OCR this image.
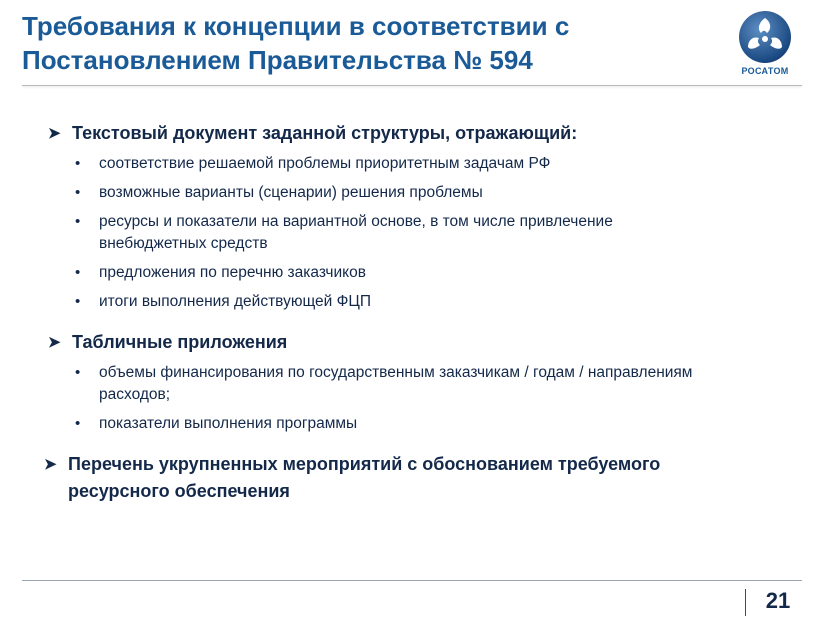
Требования к концепции в соответствии с Постановлением Правительства № 594	РОСАТОМ
➤ Текстовый документ заданной структуры, отражающий:
• соответствие решаемой проблемы приоритетным задачам РФ
• возможные варианты (сценарии) решения проблемы
• ресурсы и показатели на вариантной основе, в том числе привлечение внебюджетных средств
• предложения по перечню заказчиков
• итоги выполнения действующей ФЦП
➤ Табличные приложения
• объемы финансирования по государственным заказчикам / годам / направлениям расходов;
• показатели выполнения программы
➤ Перечень укрупненных мероприятий с обоснованием требуемого ресурсного обеспечения
21
